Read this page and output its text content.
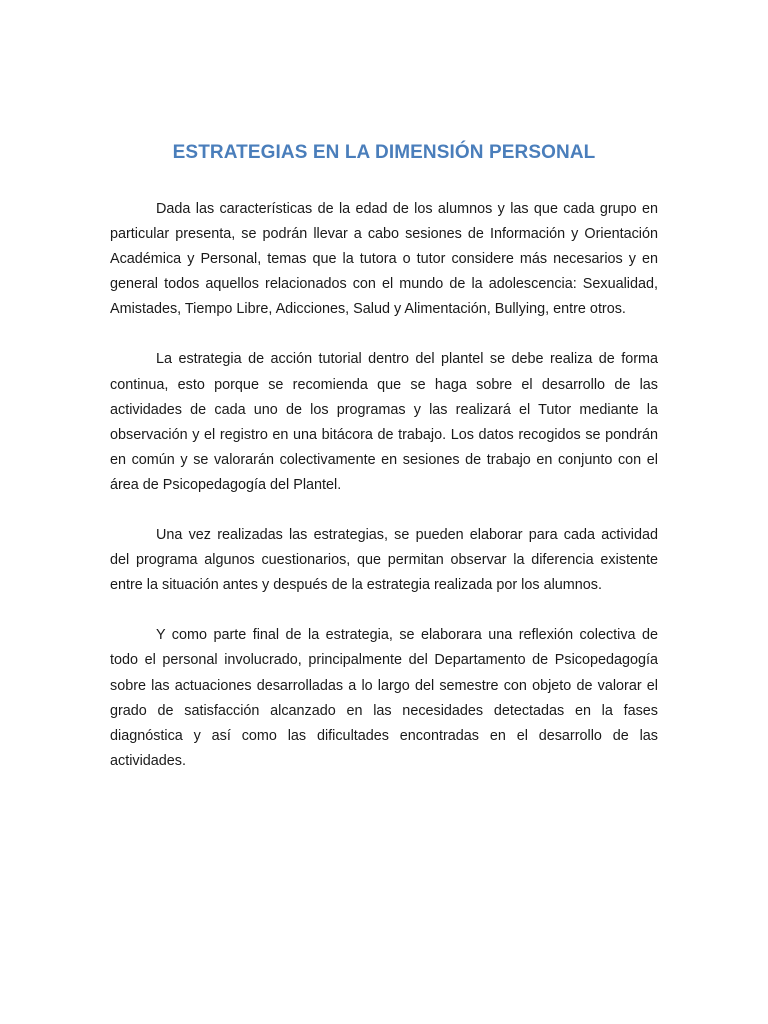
ESTRATEGIAS EN LA DIMENSIÓN PERSONAL

Dada las características de la edad de los alumnos y las que cada grupo en particular presenta, se podrán llevar a cabo sesiones de Información y Orientación Académica y Personal, temas que la tutora o tutor considere más necesarios y en general todos aquellos relacionados con el mundo de la adolescencia: Sexualidad, Amistades, Tiempo Libre, Adicciones, Salud y Alimentación, Bullying, entre otros.

La estrategia de acción tutorial dentro del plantel se debe realiza de forma continua, esto porque se recomienda que se haga sobre el desarrollo de las actividades de cada uno de los programas y las realizará el Tutor mediante la observación y el registro en una bitácora de trabajo. Los datos recogidos se pondrán en común y se valorarán colectivamente en sesiones de trabajo en conjunto con el área de Psicopedagogía del Plantel.

Una vez realizadas las estrategias, se pueden elaborar para cada actividad del programa algunos cuestionarios, que permitan observar la diferencia existente entre la situación antes y después de la estrategia realizada por los alumnos.

Y como parte final de la estrategia, se elaborara una reflexión colectiva de todo el personal involucrado, principalmente del Departamento de Psicopedagogía sobre las actuaciones desarrolladas a lo largo del semestre con objeto de valorar el grado de satisfacción alcanzado en las necesidades detectadas en la fases diagnóstica y así como las dificultades encontradas en el desarrollo de las actividades.
